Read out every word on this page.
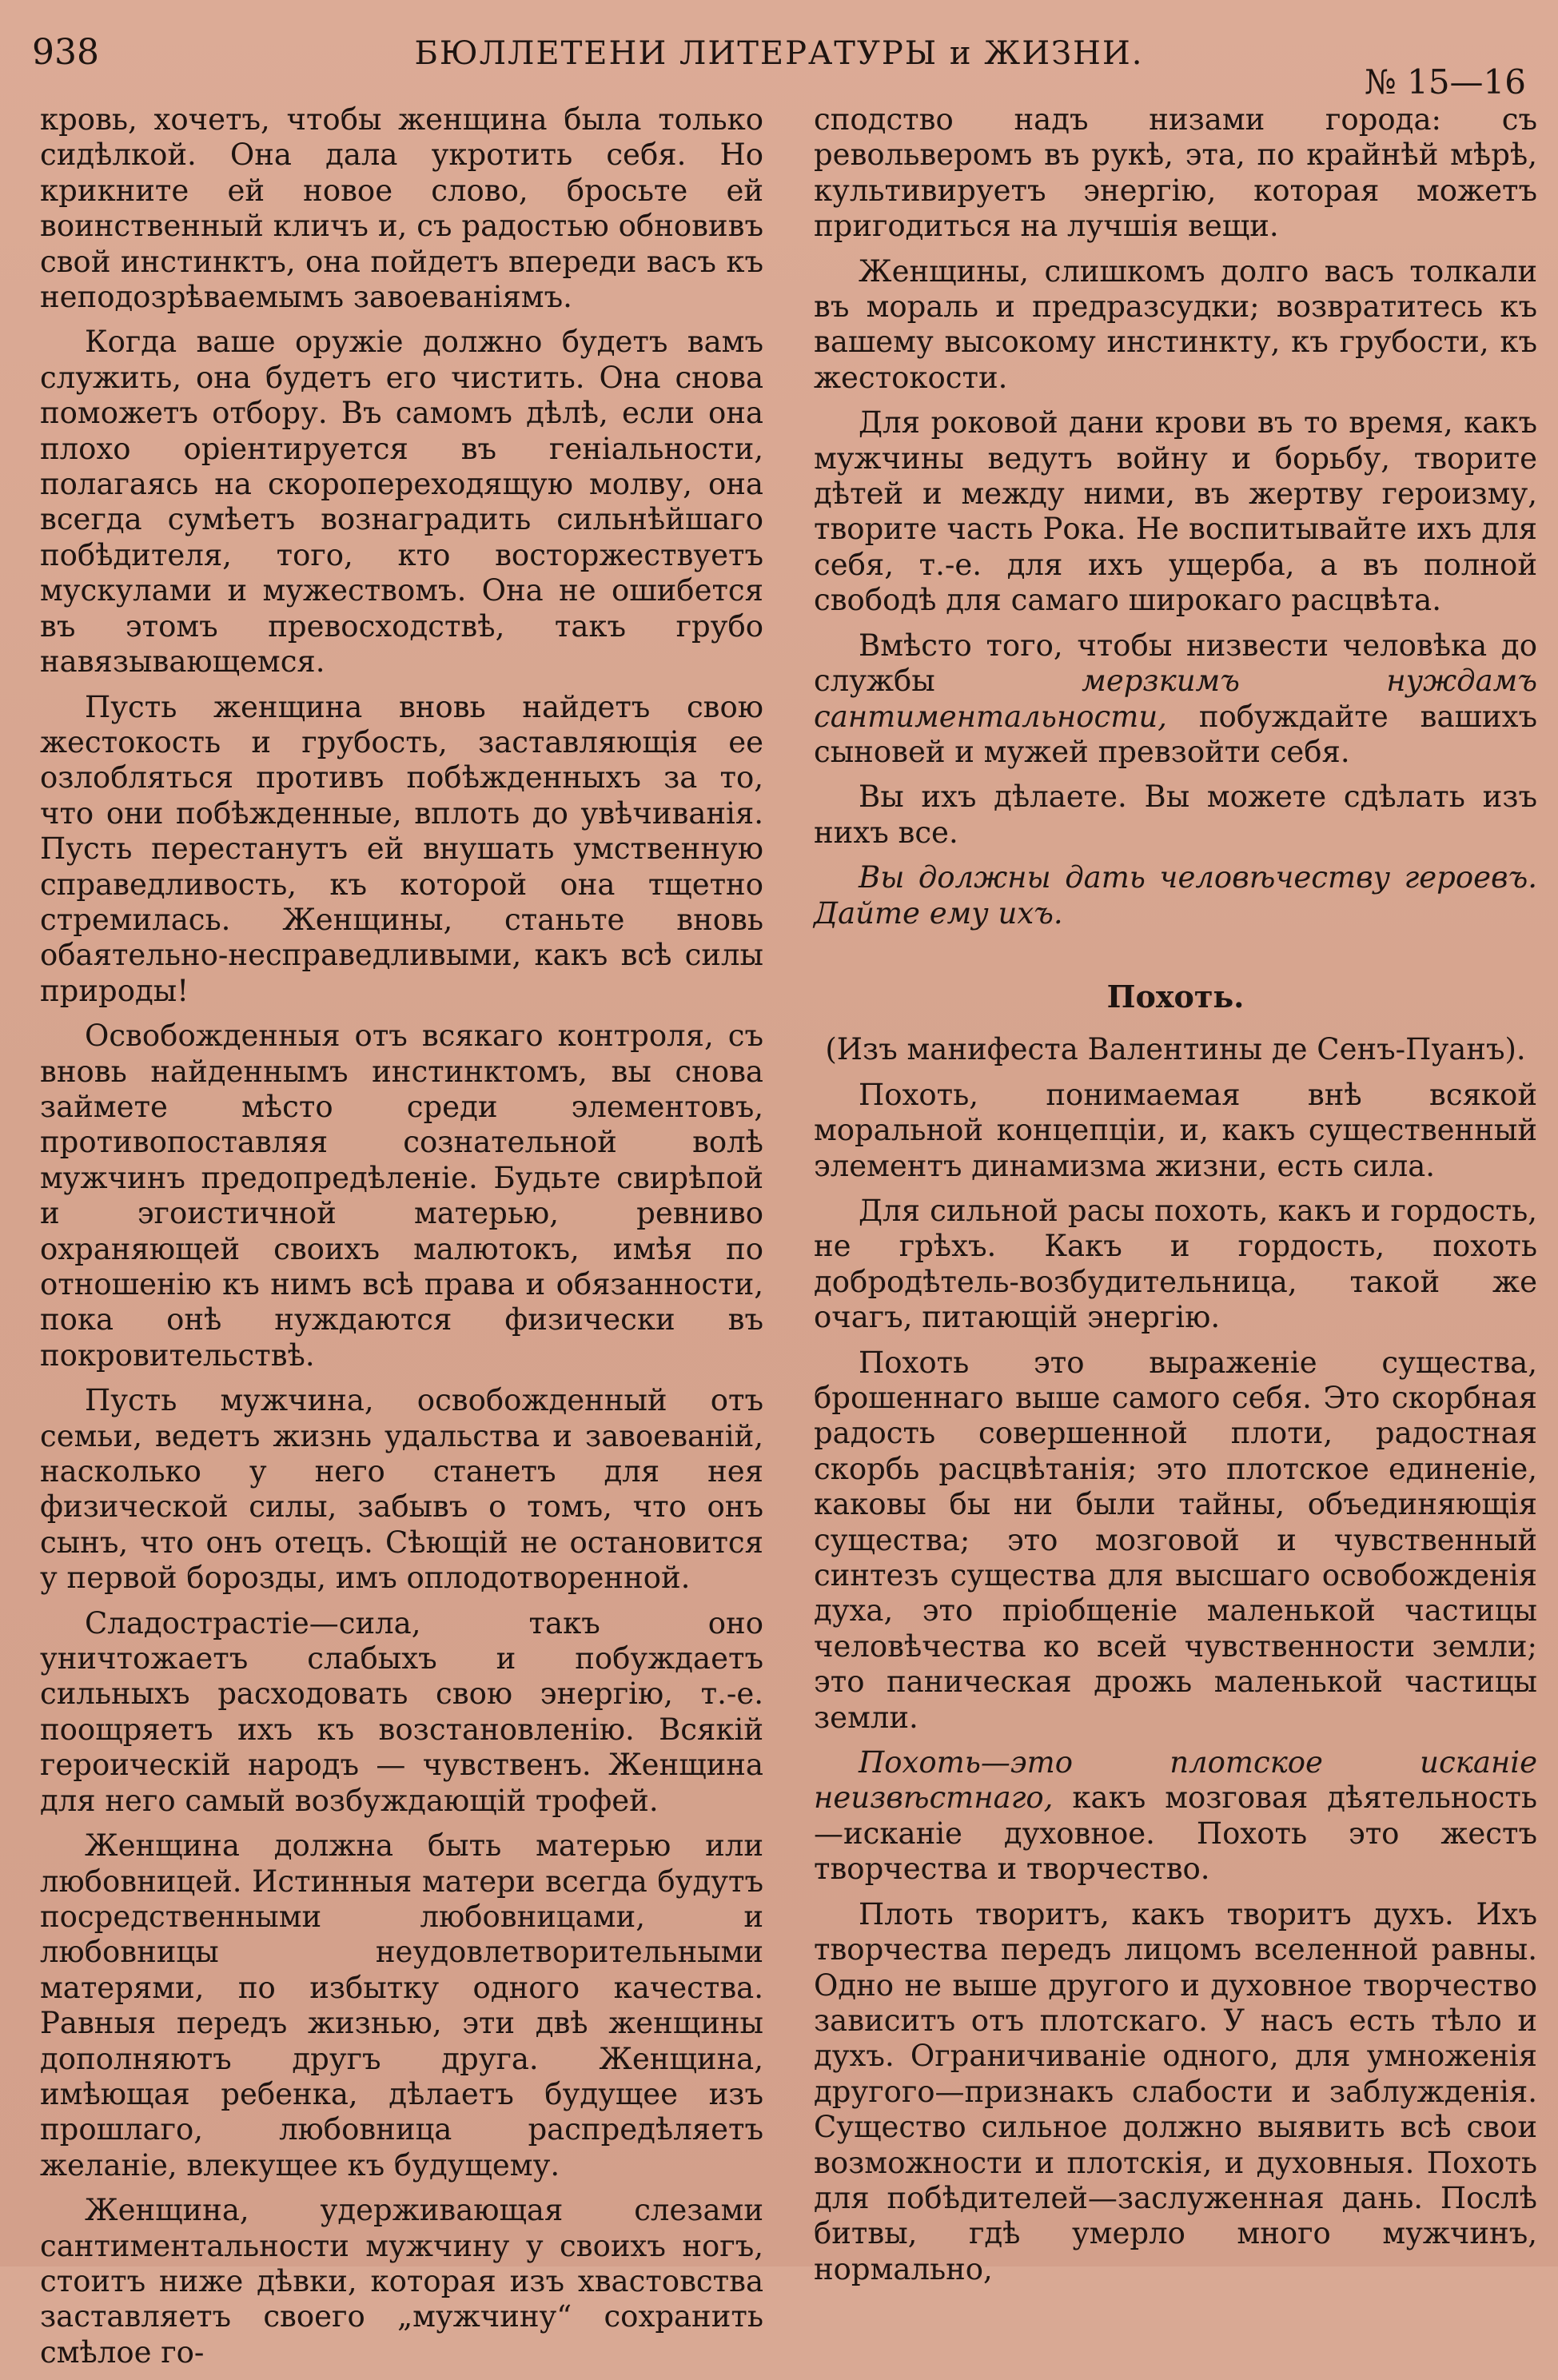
938	БЮЛЛЕТЕНИ ЛИТЕРАТУРЫ и ЖИЗНИ.
№ 15—16

кровь, хочетъ, чтобы женщина была только сидѣлкой. Она дала укротить себя. Но крикните ей новое слово, бросьте ей воинственный кличъ и, съ радостью обновивъ свой инстинктъ, она пойдетъ впереди васъ къ неподозрѣваемымъ завоеваніямъ.

Когда ваше оружіе должно будетъ вамъ служить, она будетъ его чистить. Она снова поможетъ отбору. Въ самомъ дѣлѣ, если она плохо оріентируется въ геніальности, полагаясь на скоропереходящую молву, она всегда сумѣетъ вознаградить сильнѣйшаго побѣдителя, того, кто восторжествуетъ мускулами и мужествомъ. Она не ошибется въ этомъ превосходствѣ, такъ грубо навязывающемся.

Пусть женщина вновь найдетъ свою жестокость и грубость, заставляющія ее озлобляться противъ побѣжденныхъ за то, что они побѣжденные, вплоть до увѣчиванія. Пусть перестанутъ ей внушать умственную справедливость, къ которой она тщетно стремилась. Женщины, станьте вновь обаятельно-несправедливыми, какъ всѣ силы природы!

Освобожденныя отъ всякаго контроля, съ вновь найденнымъ инстинктомъ, вы снова займете мѣсто среди элементовъ, противопоставляя сознательной волѣ мужчинъ предопредѣленіе. Будьте свирѣпой и эгоистичной матерью, ревниво охраняющей своихъ малютокъ, имѣя по отношенію къ нимъ всѣ права и обязанности, пока онѣ нуждаются физически въ покровительствѣ.

Пусть мужчина, освобожденный отъ семьи, ведетъ жизнь удальства и завоеваній, насколько у него станетъ для нея физической силы, забывъ о томъ, что онъ сынъ, что онъ отецъ. Сѣющій не остановится у первой борозды, имъ оплодотворенной.

Сладострастіе—сила, такъ оно уничтожаетъ слабыхъ и побуждаетъ сильныхъ расходовать свою энергію, т.-е. поощряетъ ихъ къ возстановленію. Всякій героическій народъ — чувственъ. Женщина для него самый возбуждающій трофей.

Женщина должна быть матерью или любовницей. Истинныя матери всегда будутъ посредственными любовницами, и любовницы неудовлетворительными матерями, по избытку одного качества. Равныя передъ жизнью, эти двѣ женщины дополняютъ другъ друга. Женщина, имѣющая ребенка, дѣлаетъ будущее изъ прошлаго, любовница распредѣляетъ желаніе, влекущее къ будущему.

Женщина, удерживающая слезами сантиментальности мужчину у своихъ ногъ, стоитъ ниже дѣвки, которая изъ хвастовства заставляетъ своего „мужчину“ сохранить смѣлое го-

сподство надъ низами города: съ револьверомъ въ рукѣ, эта, по крайнѣй мѣрѣ, культивируетъ энергію, которая можетъ пригодиться на лучшія вещи.

Женщины, слишкомъ долго васъ толкали въ мораль и предразсудки; возвратитесь къ вашему высокому инстинкту, къ грубости, къ жестокости.

Для роковой дани крови въ то время, какъ мужчины ведутъ войну и борьбу, творите дѣтей и между ними, въ жертву героизму, творите часть Рока. Не воспитывайте ихъ для себя, т.-е. для ихъ ущерба, а въ полной свободѣ для самаго широкаго расцвѣта.

Вмѣсто того, чтобы низвести человѣка до службы мерзкимъ нуждамъ сантиментальности, побуждайте вашихъ сыновей и мужей превзойти себя.

Вы ихъ дѣлаете. Вы можете сдѣлать изъ нихъ все.

Вы должны дать человѣчеству героевъ. Дайте ему ихъ.

Похоть.

(Изъ манифеста Валентины де Сенъ-Пуанъ).

Похоть, понимаемая внѣ всякой моральной концепціи, и, какъ существенный элементъ динамизма жизни, есть сила.

Для сильной расы похоть, какъ и гордость, не грѣхъ. Какъ и гордость, похоть добродѣтель-возбудительница, такой же очагъ, питающій энергію.

Похоть это выраженіе существа, брошеннаго выше самого себя. Это скорбная радость совершенной плоти, радостная скорбь расцвѣтанія; это плотское единеніе, каковы бы ни были тайны, объединяющія существа; это мозговой и чувственный синтезъ существа для высшаго освобожденія духа, это пріобщеніе маленькой частицы человѣчества ко всей чувственности земли; это паническая дрожь маленькой частицы земли.

Похоть—это плотское исканіе неизвѣстнаго, какъ мозговая дѣятельность—исканіе духовное. Похоть это жестъ творчества и творчество.

Плоть творитъ, какъ творитъ духъ. Ихъ творчества передъ лицомъ вселенной равны. Одно не выше другого и духовное творчество зависитъ отъ плотскаго. У насъ есть тѣло и духъ. Ограничиваніе одного, для умноженія другого—признакъ слабости и заблужденія. Существо сильное должно выявить всѣ свои возможности и плотскія, и духовныя. Похоть для побѣдителей—заслуженная дань. Послѣ битвы, гдѣ умерло много мужчинъ, нормально,
